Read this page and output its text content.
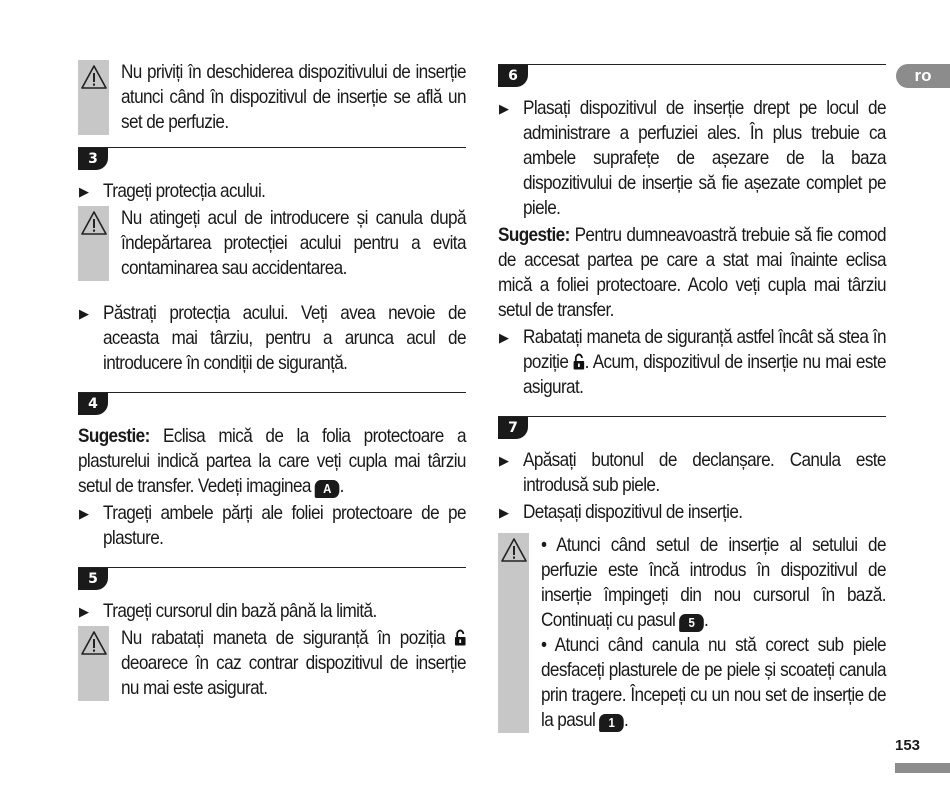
Nu priviți în deschiderea dispozitivului de inserție atunci când în dispozitivul de inserție se află un set de perfuzie.
3
▶ Trageți protecția acului.
Nu atingeți acul de introducere și canula după îndepărtarea protecției acului pentru a evita contaminarea sau accidentarea.
▶ Păstrați protecția acului. Veți avea nevoie de aceasta mai târziu, pentru a arunca acul de introducere în condiții de siguranță.
4
Sugestie: Eclisa mică de la folia protectoare a plasturelui indică partea la care veți cupla mai târziu setul de transfer. Vedeți imaginea A .
▶ Trageți ambele părți ale foliei protectoare de pe plasture.
5
▶ Trageți cursorul din bază până la limită.
Nu rabatați maneta de siguranță în poziția  deoarece în caz contrar dispozitivul de inserție nu mai este asigurat.
6
▶ Plasați dispozitivul de inserție drept pe locul de administrare a perfuziei ales. În plus trebuie ca ambele suprafețe de așezare de la baza dispozitivului de inserție să fie așezate complet pe piele.
Sugestie: Pentru dumneavoastră trebuie să fie comod de accesat partea pe care a stat mai înainte eclisa mică a foliei protectoare. Acolo veți cupla mai târziu setul de transfer.
▶ Rabatați maneta de siguranță astfel încât să stea în poziție . Acum, dispozitivul de inserție nu mai este asigurat.
7
▶ Apăsați butonul de declanșare. Canula este introdusă sub piele.
▶ Detașați dispozitivul de inserție.
• Atunci când setul de inserție al setului de perfuzie este încă introdus în dispozitivul de inserție împingeți din nou cursorul în bază. Continuați cu pasul 5 .
• Atunci când canula nu stă corect sub piele desfaceți plasturele de pe piele și scoateți canula prin tragere. Începeți cu un nou set de inserție de la pasul 1 .
ro
153
